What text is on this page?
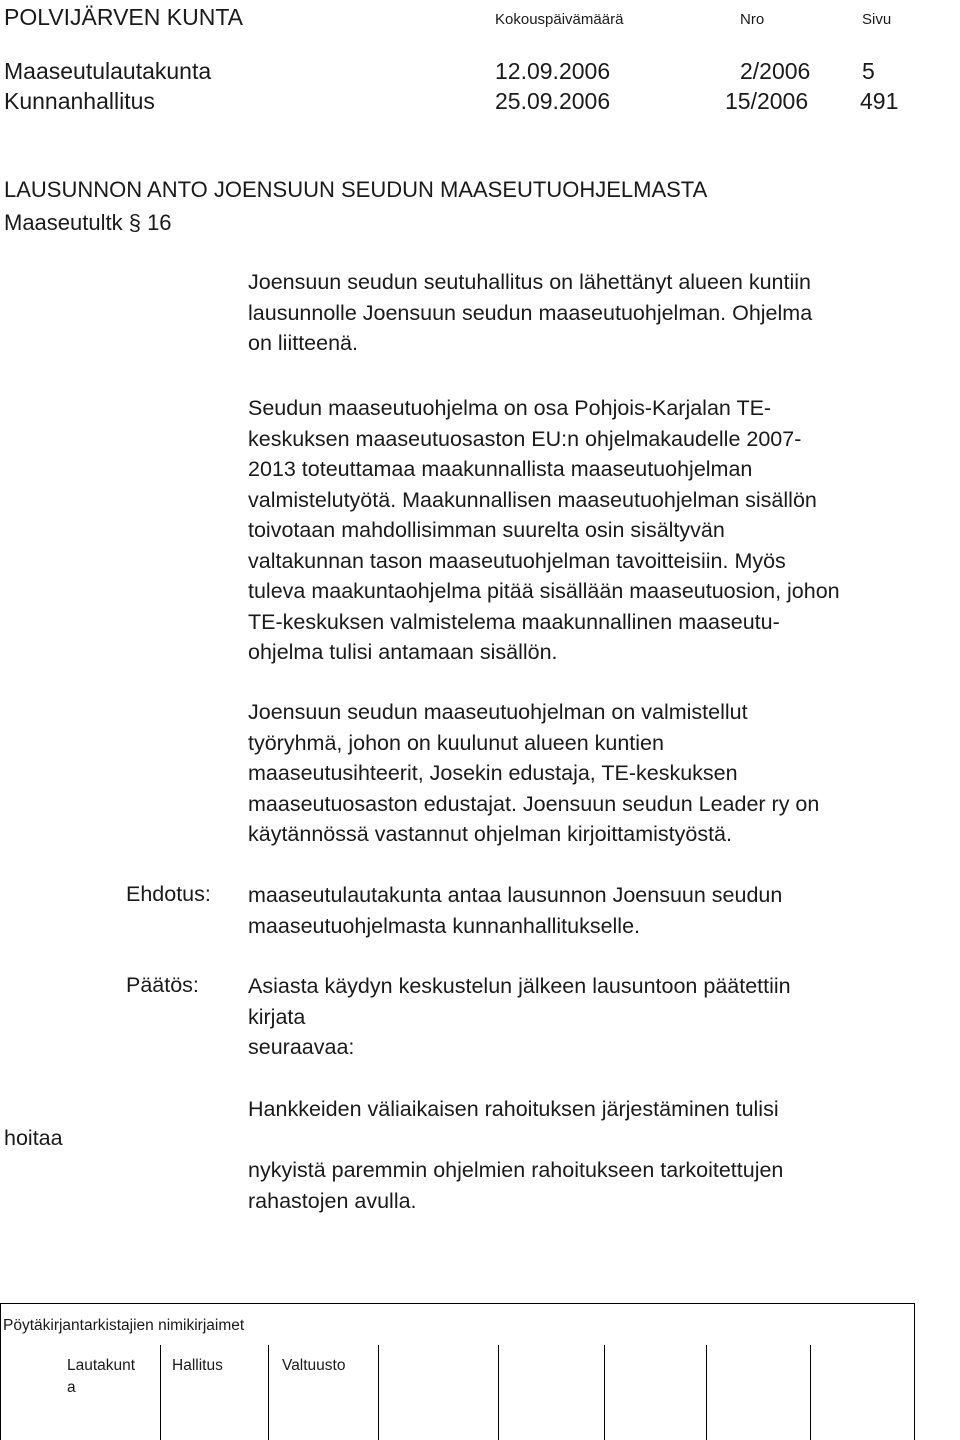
POLVIJÄRVEN KUNTA	Kokouspäivämäärä	Nro	Sivu
Maaseutulautakunta	12.09.2006	2/2006 5
Kunnanhallitus	25.09.2006	15/2006 491
LAUSUNNON ANTO JOENSUUN SEUDUN MAASEUTUOHJELMASTA
Maaseutultk § 16
Joensuun seudun seutuhallitus on lähettänyt alueen kuntiin
lausunnolle Joensuun seudun maaseutuohjelman. Ohjelma
on liitteenä.
Seudun maaseutuohjelma on osa Pohjois-Karjalan TE-
keskuksen maaseutuosaston EU:n ohjelmakaudelle 2007-
2013 toteuttamaa maakunnallista maaseutuohjelman
valmistelutyötä. Maakunnallisen maaseutuohjelman sisällön
toivotaan mahdollisimman suurelta osin sisältyvän
valtakunnan tason maaseutuohjelman tavoitteisiin. Myös
tuleva maakuntaohjelma pitää sisällään maaseutuosion, johon
TE-keskuksen valmistelema maakunnallinen maaseutu-
ohjelma tulisi antamaan sisällön.
Joensuun seudun maaseutuohjelman on valmistellut
työryhmä, johon on kuulunut alueen kuntien
maaseutusihteerit, Josekin edustaja, TE-keskuksen
maaseutuosaston edustajat. Joensuun seudun Leader ry on
käytännössä vastannut ohjelman kirjoittamistyöstä.
Ehdotus: maaseutulautakunta antaa lausunnon Joensuun seudun
maaseutuohjelmasta kunnanhallitukselle.
Päätös: Asiasta käydyn keskustelun jälkeen lausuntoon päätettiin
kirjata
seuraavaa:
Hankkeiden väliaikaisen rahoituksen järjestäminen tulisi
hoitaa
nykyistä paremmin ohjelmien rahoitukseen tarkoitettujen
rahastojen avulla.
Pöytäkirjantarkistajien nimikirjaimet
Lautakunt
a
Hallitus	Valtuusto
